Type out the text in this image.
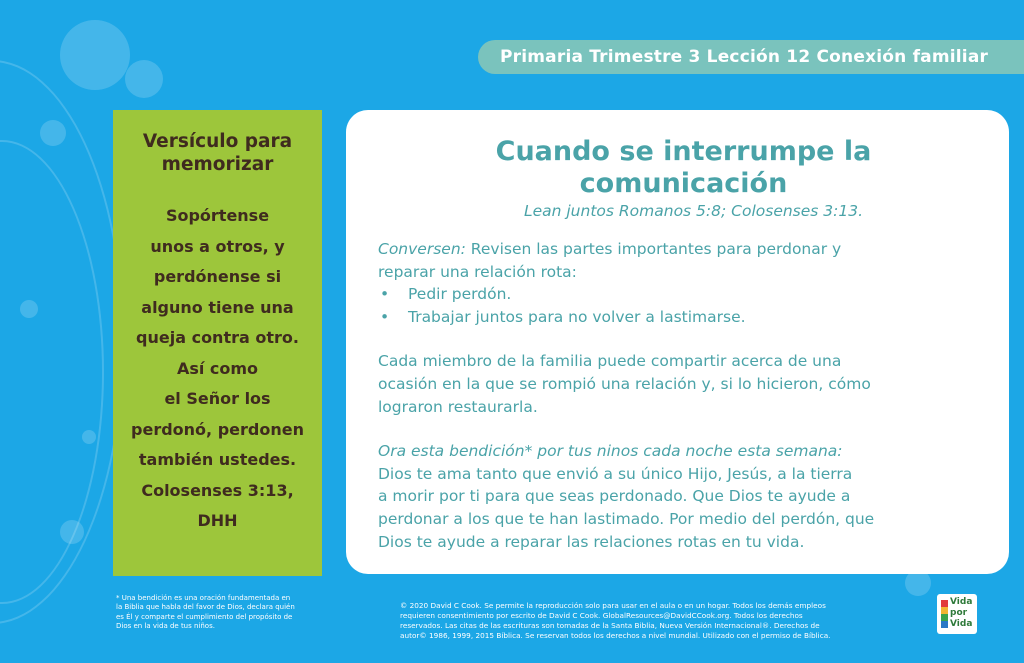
Primaria Trimestre 3 Lección 12 Conexión familiar
Versículo para
memorizar
Sopórtense
unos a otros, y
perdónense si
alguno tiene una
queja contra otro.
Así como
el Señor los
perdonó, perdonen
también ustedes.
Colosenses 3:13,
DHH
Cuando se interrumpe la comunicación
Lean juntos Romanos 5:8; Colosenses 3:13.

Conversen: Revisen las partes importantes para perdonar y

reparar una relación rota:

• Pedir perdón.
• Trabajar juntos para no volver a lastimarse.

Cada miembro de la familia puede compartir acerca de una

ocasión en la que se rompió una relación y, si lo hicieron, cómo

lograron restaurarla.

Ora esta bendición* por tus ninos cada noche esta semana:

Dios te ama tanto que envió a su único Hijo, Jesús, a la tierra

a morir por ti para que seas perdonado. Que Dios te ayude a

perdonar a los que te han lastimado. Por medio del perdón, que

Dios te ayude a reparar las relaciones rotas en tu vida.

* Una bendición es una oración fundamentada en
la Biblia que habla del favor de Dios, declara quién
es Él y comparte el cumplimiento del propósito de
Dios en la vida de tus niños.
© 2020 David C Cook. Se permite la reproducción solo para usar en el aula o en un hogar. Todos los demás empleos
requieren consentimiento por escrito de David C Cook. GlobalResources@DavidCCook.org. Todos los derechos
reservados. Las citas de las escrituras son tomadas de la Santa Biblia, Nueva Versión Internacional®. Derechos de
autor© 1986, 1999, 2015 Bíblica. Se reservan todos los derechos a nivel mundial. Utilizado con el permiso de Bíblica.
Vida
por
Vida
